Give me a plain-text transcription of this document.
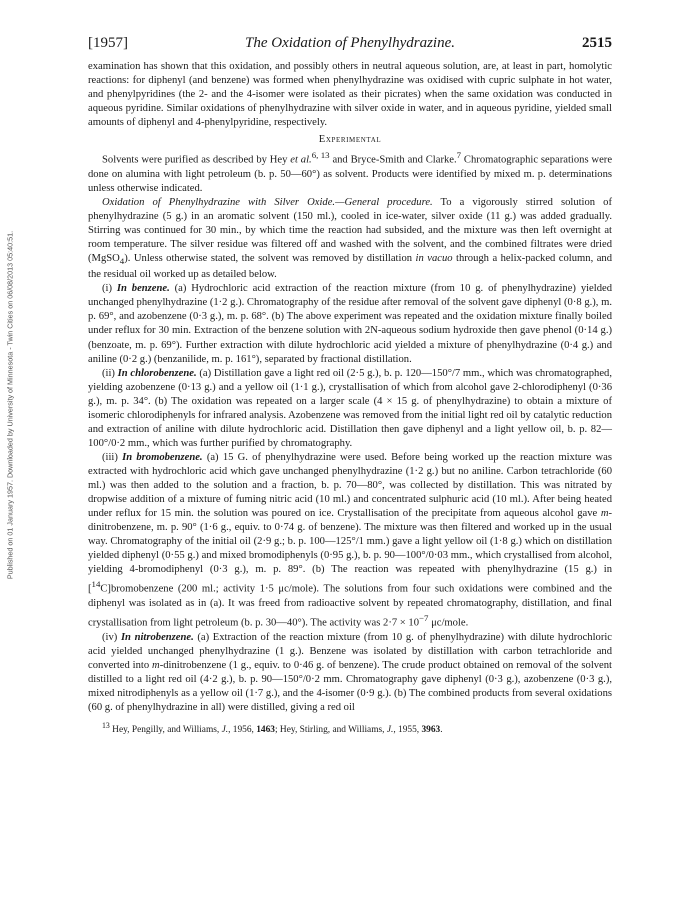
Published on 01 January 1957. Downloaded by University of Minnesota - Twin Cities on 06/08/2013 05:40:51.
[1957]	The Oxidation of Phenylhydrazine.	2515

examination has shown that this oxidation, and possibly others in neutral aqueous solution, are, at least in part, homolytic reactions: for diphenyl (and benzene) was formed when phenylhydrazine was oxidised with cupric sulphate in hot water, and phenylpyridines (the 2- and the 4-isomer were isolated as their picrates) when the same oxidation was conducted in aqueous pyridine. Similar oxidations of phenylhydrazine with silver oxide in water, and in aqueous pyridine, yielded small amounts of diphenyl and 4-phenylpyridine, respectively.

Experimental

Solvents were purified as described by Hey et al.$^{6, 13}$ and Bryce-Smith and Clarke.$^7$ Chromatographic separations were done on alumina with light petroleum (b. p. 50—60°) as solvent. Products were identified by mixed m. p. determinations unless otherwise indicated.

Oxidation of Phenylhydrazine with Silver Oxide.—General procedure. To a vigorously stirred solution of phenylhydrazine (5 g.) in an aromatic solvent (150 ml.), cooled in ice-water, silver oxide (11 g.) was added gradually. Stirring was continued for 30 min., by which time the reaction had subsided, and the mixture was then left overnight at room temperature. The silver residue was filtered off and washed with the solvent, and the combined filtrates were dried (MgSO$_4$). Unless otherwise stated, the solvent was removed by distillation in vacuo through a helix-packed column, and the residual oil worked up as detailed below.

(i) In benzene. (a) Hydrochloric acid extraction of the reaction mixture (from 10 g. of phenylhydrazine) yielded unchanged phenylhydrazine (1·2 g.). Chromatography of the residue after removal of the solvent gave diphenyl (0·8 g.), m. p. 69°, and azobenzene (0·3 g.), m. p. 68°. (b) The above experiment was repeated and the oxidation mixture finally boiled under reflux for 30 min. Extraction of the benzene solution with 2N-aqueous sodium hydroxide then gave phenol (0·14 g.) (benzoate, m. p. 69°). Further extraction with dilute hydrochloric acid yielded a mixture of phenylhydrazine (0·4 g.) and aniline (0·2 g.) (benzanilide, m. p. 161°), separated by fractional distillation.

(ii) In chlorobenzene. (a) Distillation gave a light red oil (2·5 g.), b. p. 120—150°/7 mm., which was chromatographed, yielding azobenzene (0·13 g.) and a yellow oil (1·1 g.), crystallisation of which from alcohol gave 2-chlorodiphenyl (0·36 g.), m. p. 34°. (b) The oxidation was repeated on a larger scale (4 × 15 g. of phenylhydrazine) to obtain a mixture of isomeric chlorodiphenyls for infrared analysis. Azobenzene was removed from the initial light red oil by catalytic reduction and extraction of aniline with dilute hydrochloric acid. Distillation then gave diphenyl and a light yellow oil, b. p. 82—100°/0·2 mm., which was further purified by chromatography.

(iii) In bromobenzene. (a) 15 G. of phenylhydrazine were used. Before being worked up the reaction mixture was extracted with hydrochloric acid which gave unchanged phenylhydrazine (1·2 g.) but no aniline. Carbon tetrachloride (60 ml.) was then added to the solution and a fraction, b. p. 70—80°, was collected by distillation. This was nitrated by dropwise addition of a mixture of fuming nitric acid (10 ml.) and concentrated sulphuric acid (10 ml.). After being heated under reflux for 15 min. the solution was poured on ice. Crystallisation of the precipitate from aqueous alcohol gave m-dinitrobenzene, m. p. 90° (1·6 g., equiv. to 0·74 g. of benzene). The mixture was then filtered and worked up in the usual way. Chromatography of the initial oil (2·9 g.; b. p. 100—125°/1 mm.) gave a light yellow oil (1·8 g.) which on distillation yielded diphenyl (0·55 g.) and mixed bromodiphenyls (0·95 g.), b. p. 90—100°/0·03 mm., which crystallised from alcohol, yielding 4-bromodiphenyl (0·3 g.), m. p. 89°. (b) The reaction was repeated with phenylhydrazine (15 g.) in [$^{14}$C]bromobenzene (200 ml.; activity 1·5 μc/mole). The solutions from four such oxidations were combined and the diphenyl was isolated as in (a). It was freed from radioactive solvent by repeated chromatography, distillation, and final crystallisation from light petroleum (b. p. 30—40°). The activity was $2\cdot 7 \times 10^{-7}$ μc/mole.

(iv) In nitrobenzene. (a) Extraction of the reaction mixture (from 10 g. of phenylhydrazine) with dilute hydrochloric acid yielded unchanged phenylhydrazine (1 g.). Benzene was isolated by distillation with carbon tetrachloride and converted into m-dinitrobenzene (1 g., equiv. to 0·46 g. of benzene). The crude product obtained on removal of the solvent distilled to a light red oil (4·2 g.), b. p. 90—150°/0·2 mm. Chromatography gave diphenyl (0·3 g.), azobenzene (0·3 g.), mixed nitrodiphenyls as a yellow oil (1·7 g.), and the 4-isomer (0·9 g.). (b) The combined products from several oxidations (60 g. of phenylhydrazine in all) were distilled, giving a red oil

$^{13}$ Hey, Pengilly, and Williams, J., 1956, 1463; Hey, Stirling, and Williams, J., 1955, 3963.
